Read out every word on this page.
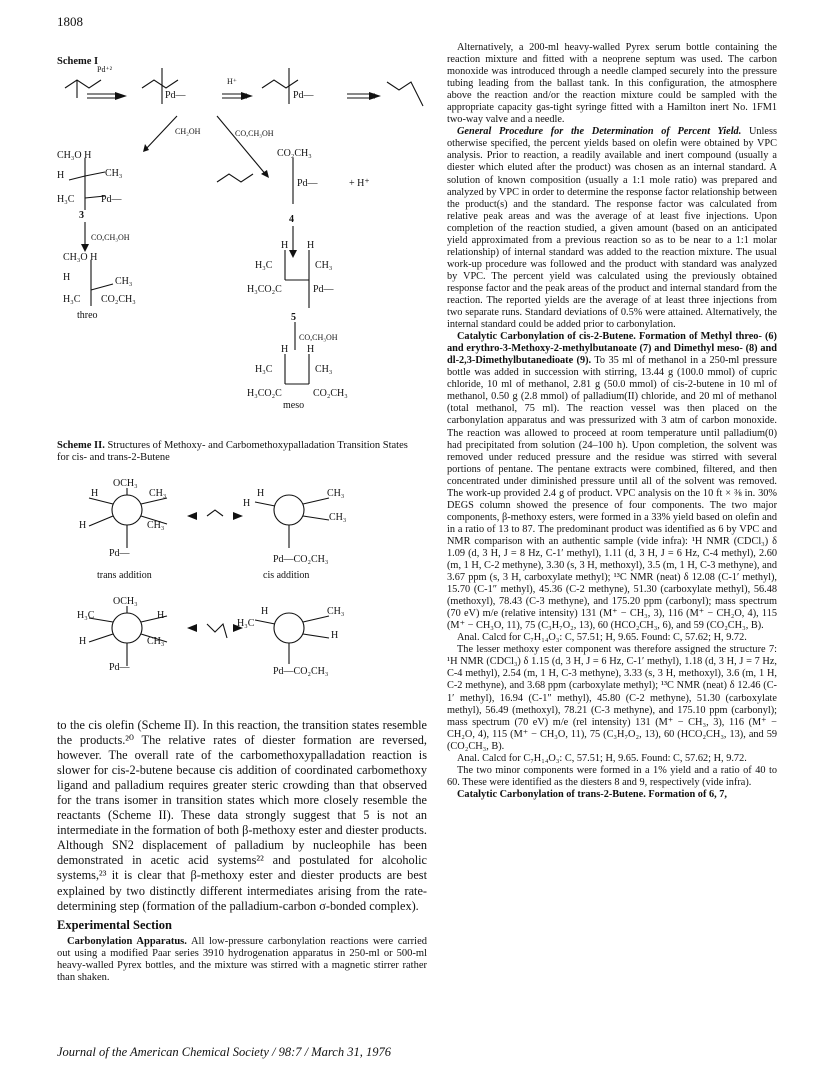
1808
Scheme I
Pd⁺²
H⁺
Pd—	Pd—
CH₂OH	CO,CH₃OH
CH₃O H
H	CH₃
H₃C	Pd—
CO₂CH₃
Pd—	+ H⁺
3	4
CO,CH₃OH
CH₃O H
H	CH₃
H₃C CO₂CH₃
threo
H H
H₃C	CH₃
H₃CO₂C	Pd—
5
CO,CH₃OH
H H
H₃C	CH₃
H₃CO₂C	CO₂CH₃
meso
OCH₃
H	CH₃
H	CH₃
Pd—
trans addition
H	CH₃
H
CH₃
Pd—CO₂CH₃
cis addition
OCH₃
H₃C	H
H	CH₃
Pd—
H	CH₃
H₃C
H
Pd—CO₂CH₃
Scheme II. Structures of Methoxy- and Carbomethoxypalladation Transition States for cis- and trans-2-Butene

to the cis olefin (Scheme II). In this reaction, the transition states resemble the products.²⁰ The relative rates of diester formation are reversed, however. The overall rate of the carbomethoxypalladation reaction is slower for cis-2-butene because cis addition of coordinated carbomethoxy ligand and palladium requires greater steric crowding than that observed for the trans isomer in transition states which more closely resemble the reactants (Scheme II). These data strongly suggest that 5 is not an intermediate in the formation of both β-methoxy ester and diester products. Although SN2 displacement of palladium by nucleophile has been demonstrated in acetic acid systems²² and postulated for alcoholic systems,²³ it is clear that β-methoxy ester and diester products are best explained by two distinctly different intermediates arising from the rate-determining step (formation of the palladium-carbon σ-bonded complex).

Experimental Section

Carbonylation Apparatus. All low-pressure carbonylation reactions were carried out using a modified Paar series 3910 hydrogenation apparatus in 250-ml or 500-ml heavy-walled Pyrex bottles, and the mixture was stirred with a magnetic stirrer rather than shaken.

Alternatively, a 200-ml heavy-walled Pyrex serum bottle containing the reaction mixture and fitted with a neoprene septum was used. The carbon monoxide was introduced through a needle clamped securely into the pressure tubing leading from the ballast tank. In this configuration, the atmosphere above the reaction and/or the reaction mixture could be sampled with the appropriate capacity gas-tight syringe fitted with a Hamilton inert No. 1FM1 two-way valve and a needle.

General Procedure for the Determination of Percent Yield. Unless otherwise specified, the percent yields based on olefin were obtained by VPC analysis. Prior to reaction, a readily available and inert compound (usually a diester which eluted after the product) was chosen as an internal standard. A solution of known composition (usually a 1:1 mole ratio) was prepared and analyzed by VPC in order to determine the response factor relationship between the product(s) and the standard. The response factor was calculated from relative peak areas and was the average of at least five injections. Upon completion of the reaction studied, a given amount (based on an anticipated yield approximated from a previous reaction so as to be near to a 1:1 molar relationship) of internal standard was added to the reaction mixture. The usual work-up procedure was followed and the product with standard was analyzed by VPC. The percent yield was calculated using the previously obtained response factor and the peak areas of the product and internal standard from the reaction. The reported yields are the average of at least three injections from two separate runs. Standard deviations of 0.5% were attained. Alternatively, the internal standard could be added prior to carbonylation.

Catalytic Carbonylation of cis-2-Butene. Formation of Methyl threo- (6) and erythro-3-Methoxy-2-methylbutanoate (7) and Dimethyl meso- (8) and dl-2,3-Dimethylbutanedioate (9). To 35 ml of methanol in a 250-ml pressure bottle was added in succession with stirring, 13.44 g (100.0 mmol) of cupric chloride, 10 ml of methanol, 2.81 g (50.0 mmol) of cis-2-butene in 10 ml of methanol, 0.50 g (2.8 mmol) of palladium(II) chloride, and 20 ml of methanol (total methanol, 75 ml). The reaction vessel was then placed on the carbonylation apparatus and was pressurized with 3 atm of carbon monoxide. The reaction was allowed to proceed at room temperature until palladium(0) had precipitated from solution (24–100 h). Upon completion, the solvent was removed under reduced pressure and the residue was stirred with several portions of pentane. The pentane extracts were combined, filtered, and then concentrated under diminished pressure until all of the solvent was removed. The work-up provided 2.4 g of product. VPC analysis on the 10 ft × ⅜ in. 30% DEGS column showed the presence of four components. The two major components, β-methoxy esters, were formed in a 33% yield based on olefin and in a ratio of 13 to 87. The predominant product was identified as 6 by VPC and NMR comparison with an authentic sample (vide infra): ¹H NMR (CDCl₃) δ 1.09 (d, 3 H, J = 8 Hz, C-1′ methyl), 1.11 (d, 3 H, J = 6 Hz, C-4 methyl), 2.60 (m, 1 H, C-2 methyne), 3.30 (s, 3 H, methoxyl), 3.5 (m, 1 H, C-3 methyne), and 3.67 ppm (s, 3 H, carboxylate methyl); ¹³C NMR (neat) δ 12.08 (C-1′ methyl), 15.70 (C-1″ methyl), 45.36 (C-2 methyne), 51.30 (carboxylate methyl), 56.48 (methoxyl), 78.43 (C-3 methyne), and 175.20 ppm (carbonyl); mass spectrum (70 eV) m/e (relative intensity) 131 (M⁺ − CH₃, 3), 116 (M⁺ − CH₂O, 4), 115 (M⁺ − CH₃O, 11), 75 (C₃H₇O₂, 13), 60 (HCO₂CH₃, 6), and 59 (CO₂CH₃, B).

Anal. Calcd for C₇H₁₄O₃: C, 57.51; H, 9.65. Found: C, 57.62; H, 9.72.

The lesser methoxy ester component was therefore assigned the structure 7: ¹H NMR (CDCl₃) δ 1.15 (d, 3 H, J = 6 Hz, C-1′ methyl), 1.18 (d, 3 H, J = 7 Hz, C-4 methyl), 2.54 (m, 1 H, C-3 methyne), 3.33 (s, 3 H, methoxyl), 3.6 (m, 1 H, C-2 methyne), and 3.68 ppm (carboxylate methyl); ¹³C NMR (neat) δ 12.46 (C-1′ methyl), 16.94 (C-1″ methyl), 45.80 (C-2 methyne), 51.30 (carboxylate methyl), 56.49 (methoxyl), 78.21 (C-3 methyne), and 175.10 ppm (carbonyl); mass spectrum (70 eV) m/e (rel intensity) 131 (M⁺ − CH₃, 3), 116 (M⁺ − CH₂O, 4), 115 (M⁺ − CH₃O, 11), 75 (C₃H₇O₂, 13), 60 (HCO₂CH₃, 13), and 59 (CO₂CH₃, B).

Anal. Calcd for C₇H₁₄O₃: C, 57.51; H, 9.65. Found: C, 57.62; H, 9.72.

The two minor components were formed in a 1% yield and a ratio of 40 to 60. These were identified as the diesters 8 and 9, respectively (vide infra).

Catalytic Carbonylation of trans-2-Butene. Formation of 6, 7,

Journal of the American Chemical Society / 98:7 / March 31, 1976
